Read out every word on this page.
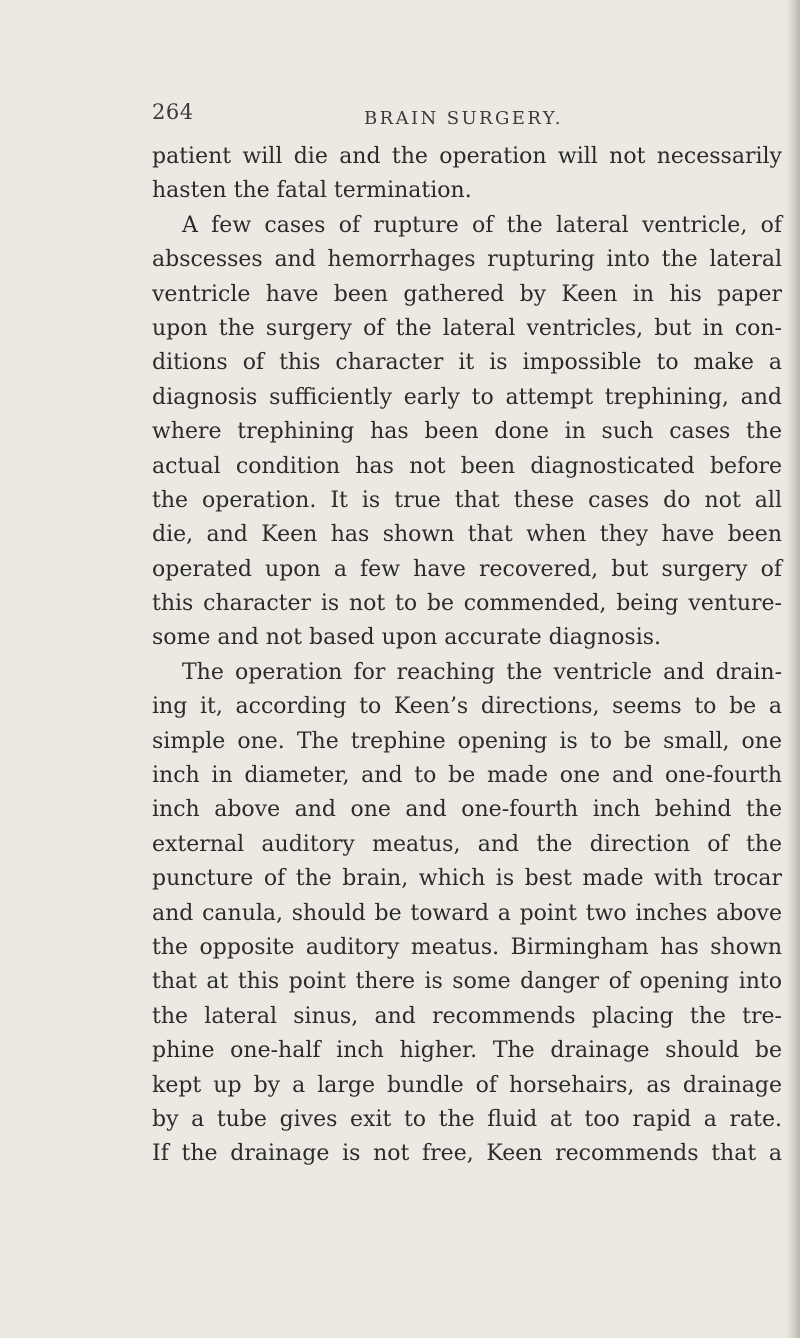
264	BRAIN SURGERY.
patient will die and the operation will not necessarily
hasten the fatal termination.
A few cases of rupture of the lateral ventricle, of
abscesses and hemorrhages rupturing into the lateral
ventricle have been gathered by Keen in his paper
upon the surgery of the lateral ventricles, but in con-
ditions of this character it is impossible to make a
diagnosis sufficiently early to attempt trephining, and
where trephining has been done in such cases the
actual condition has not been diagnosticated before
the operation. It is true that these cases do not all
die, and Keen has shown that when they have been
operated upon a few have recovered, but surgery of
this character is not to be commended, being venture-
some and not based upon accurate diagnosis.
The operation for reaching the ventricle and drain-
ing it, according to Keen’s directions, seems to be a
simple one. The trephine opening is to be small, one
inch in diameter, and to be made one and one-fourth
inch above and one and one-fourth inch behind the
external auditory meatus, and the direction of the
puncture of the brain, which is best made with trocar
and canula, should be toward a point two inches above
the opposite auditory meatus. Birmingham has shown
that at this point there is some danger of opening into
the lateral sinus, and recommends placing the tre-
phine one-half inch higher. The drainage should be
kept up by a large bundle of horsehairs, as drainage
by a tube gives exit to the fluid at too rapid a rate.
If the drainage is not free, Keen recommends that a
